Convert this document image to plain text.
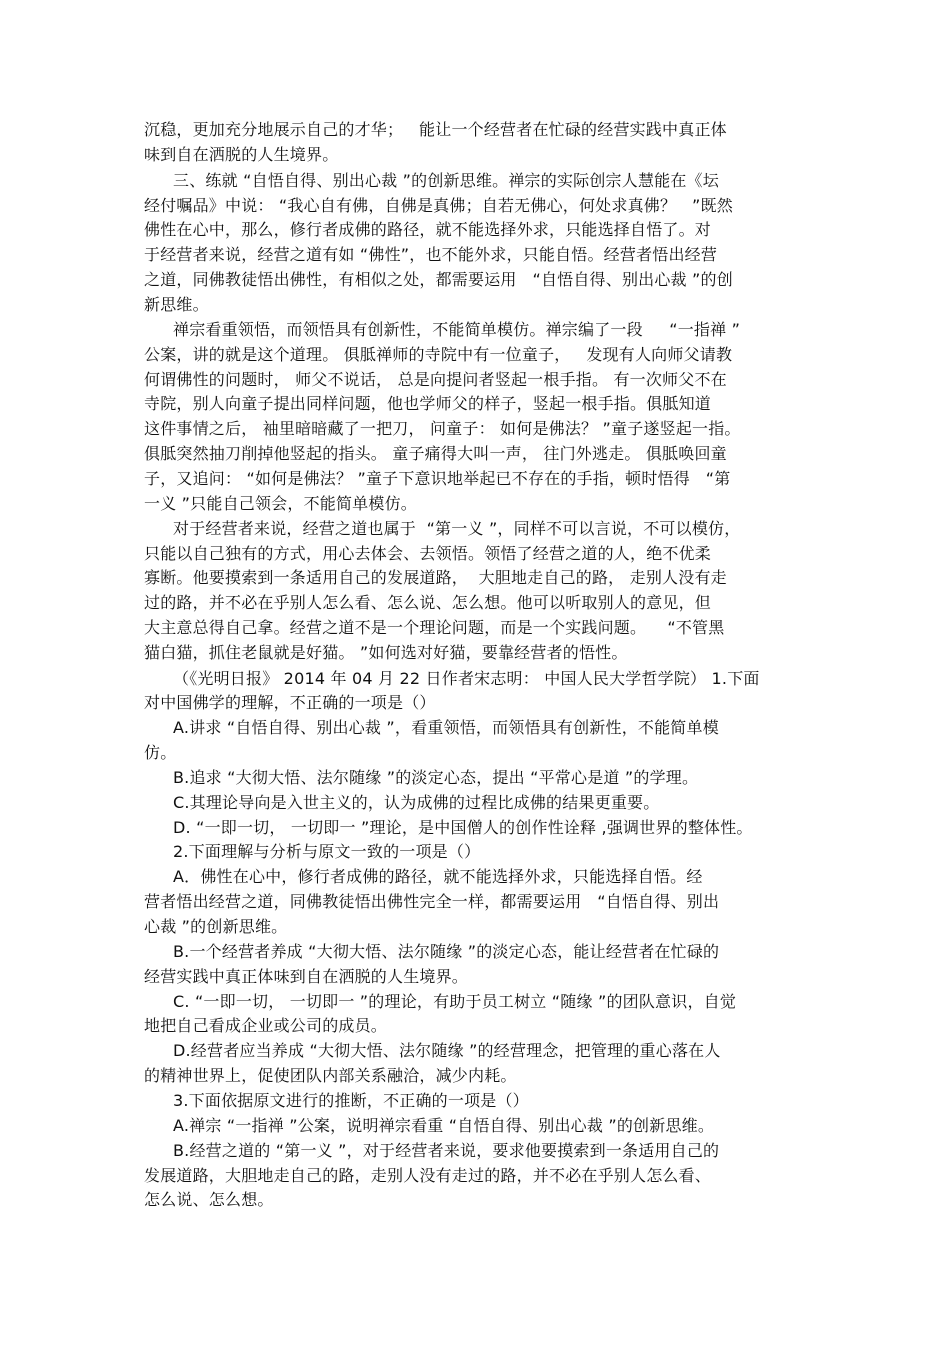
沉稳，更加充分地展示自己的才华；   能让一个经营者在忙碌的经营实践中真正体
味到自在洒脱的人生境界。
三、练就 “自悟自得、别出心裁 ”的创新思维。禅宗的实际创宗人慧能在《坛
经付嘱品》中说： “我心自有佛，自佛是真佛；自若无佛心，何处求真佛？   ”既然
佛性在心中，那么，修行者成佛的路径，就不能选择外求，只能选择自悟了。对
于经营者来说，经营之道有如 “佛性”，也不能外求，只能自悟。经营者悟出经营
之道，同佛教徒悟出佛性，有相似之处，都需要运用   “自悟自得、别出心裁 ”的创
新思维。
禅宗看重领悟，而领悟具有创新性，不能简单模仿。禅宗编了一段     “一指禅 ”
公案，讲的就是这个道理。 俱胝禅师的寺院中有一位童子，   发现有人向师父请教
何谓佛性的问题时， 师父不说话， 总是向提问者竖起一根手指。 有一次师父不在
寺院，别人向童子提出同样问题，他也学师父的样子，竖起一根手指。俱胝知道
这件事情之后， 袖里暗暗藏了一把刀， 问童子： 如何是佛法？ ”童子遂竖起一指。
俱胝突然抽刀削掉他竖起的指头。 童子痛得大叫一声， 往门外逃走。 俱胝唤回童
子，又追问： “如何是佛法？ ”童子下意识地举起已不存在的手指，顿时悟得   “第
一义 ”只能自己领会，不能简单模仿。
对于经营者来说，经营之道也属于  “第一义 ”，同样不可以言说，不可以模仿，
只能以自己独有的方式，用心去体会、去领悟。领悟了经营之道的人，绝不优柔
寡断。他要摸索到一条适用自己的发展道路，  大胆地走自己的路， 走别人没有走
过的路，并不必在乎别人怎么看、怎么说、怎么想。他可以听取别人的意见，但
大主意总得自己拿。经营之道不是一个理论问题，而是一个实践问题。    “不管黑
猫白猫，抓住老鼠就是好猫。 ”如何选对好猫，要靠经营者的悟性。
（《光明日报》 2014 年 04 月 22 日作者宋志明： 中国人民大学哲学院） 1.下面
对中国佛学的理解，不正确的一项是（）
A.讲求 “自悟自得、别出心裁 ”，看重领悟，而领悟具有创新性，不能简单模
仿。
B.追求 “大彻大悟、法尔随缘 ”的淡定心态，提出 “平常心是道 ”的学理。
C.其理论导向是入世主义的，认为成佛的过程比成佛的结果更重要。
D. “一即一切， 一切即一 ”理论，是中国僧人的创作性诠释 ,强调世界的整体性。
2.下面理解与分析与原文一致的一项是（）
A．佛性在心中，修行者成佛的路径，就不能选择外求，只能选择自悟。经
营者悟出经营之道，同佛教徒悟出佛性完全一样，都需要运用   “自悟自得、别出
心裁 ”的创新思维。
B.一个经营者养成 “大彻大悟、法尔随缘 ”的淡定心态，能让经营者在忙碌的
经营实践中真正体味到自在洒脱的人生境界。
C. “一即一切， 一切即一 ”的理论，有助于员工树立 “随缘 ”的团队意识，自觉
地把自己看成企业或公司的成员。
D.经营者应当养成 “大彻大悟、法尔随缘 ”的经营理念，把管理的重心落在人
的精神世界上，促使团队内部关系融洽，减少内耗。
3.下面依据原文进行的推断，不正确的一项是（）
A.禅宗 “一指禅 ”公案，说明禅宗看重 “自悟自得、别出心裁 ”的创新思维。
B.经营之道的 “第一义 ”，对于经营者来说，要求他要摸索到一条适用自己的
发展道路，大胆地走自己的路，走别人没有走过的路，并不必在乎别人怎么看、
怎么说、怎么想。
